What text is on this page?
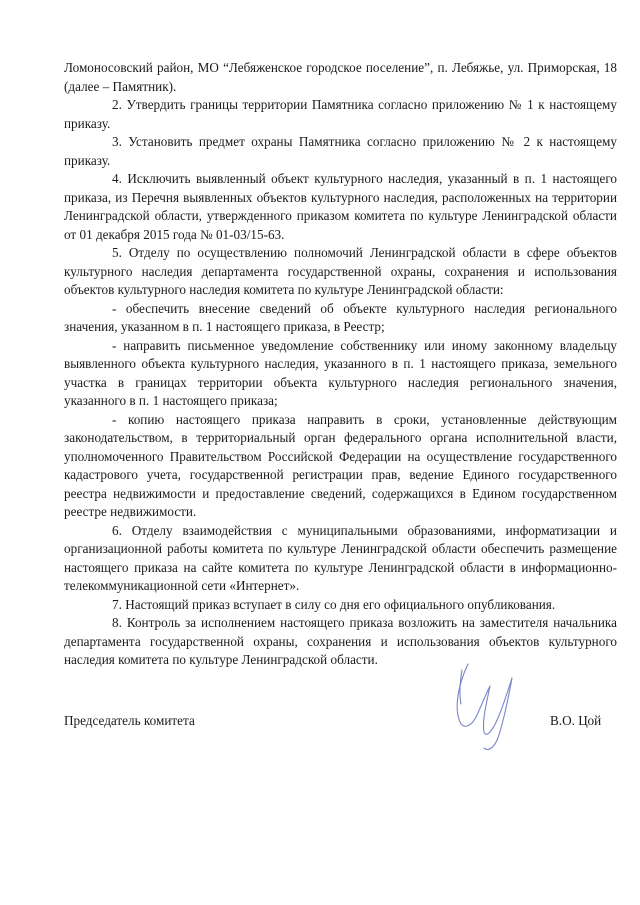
Ломоносовский район, МО “Лебяженское городское поселение”, п. Лебяжье, ул. Приморская, 18 (далее – Памятник).

2. Утвердить границы территории Памятника согласно приложению № 1 к настоящему приказу.

3. Установить предмет охраны Памятника согласно приложению № 2 к настоящему приказу.

4. Исключить выявленный объект культурного наследия, указанный в п. 1 настоящего приказа, из Перечня выявленных объектов культурного наследия, расположенных на территории Ленинградской области, утвержденного приказом комитета по культуре Ленинградской области от 01 декабря 2015 года № 01-03/15-63.

5. Отделу по осуществлению полномочий Ленинградской области в сфере объектов культурного наследия департамента государственной охраны, сохранения и использования объектов культурного наследия комитета по культуре Ленинградской области:

- обеспечить внесение сведений об объекте культурного наследия регионального значения, указанном в п. 1 настоящего приказа, в Реестр;

- направить письменное уведомление собственнику или иному законному владельцу выявленного объекта культурного наследия, указанного в п. 1 настоящего приказа, земельного участка в границах территории объекта культурного наследия регионального значения, указанного в п. 1 настоящего приказа;

- копию настоящего приказа направить в сроки, установленные действующим законодательством, в территориальный орган федерального органа исполнительной власти, уполномоченного Правительством Российской Федерации на осуществление государственного кадастрового учета, государственной регистрации прав, ведение Единого государственного реестра недвижимости и предоставление сведений, содержащихся в Едином государственном реестре недвижимости.

6. Отделу взаимодействия с муниципальными образованиями, информатизации и организационной работы комитета по культуре Ленинградской области обеспечить размещение настоящего приказа на сайте комитета по культуре Ленинградской области в информационно-телекоммуникационной сети «Интернет».

7. Настоящий приказ вступает в силу со дня его официального опубликования.

8. Контроль за исполнением настоящего приказа возложить на заместителя начальника департамента государственной охраны, сохранения и использования объектов культурного наследия комитета по культуре Ленинградской области.

Председатель комитета	В.О. Цой
